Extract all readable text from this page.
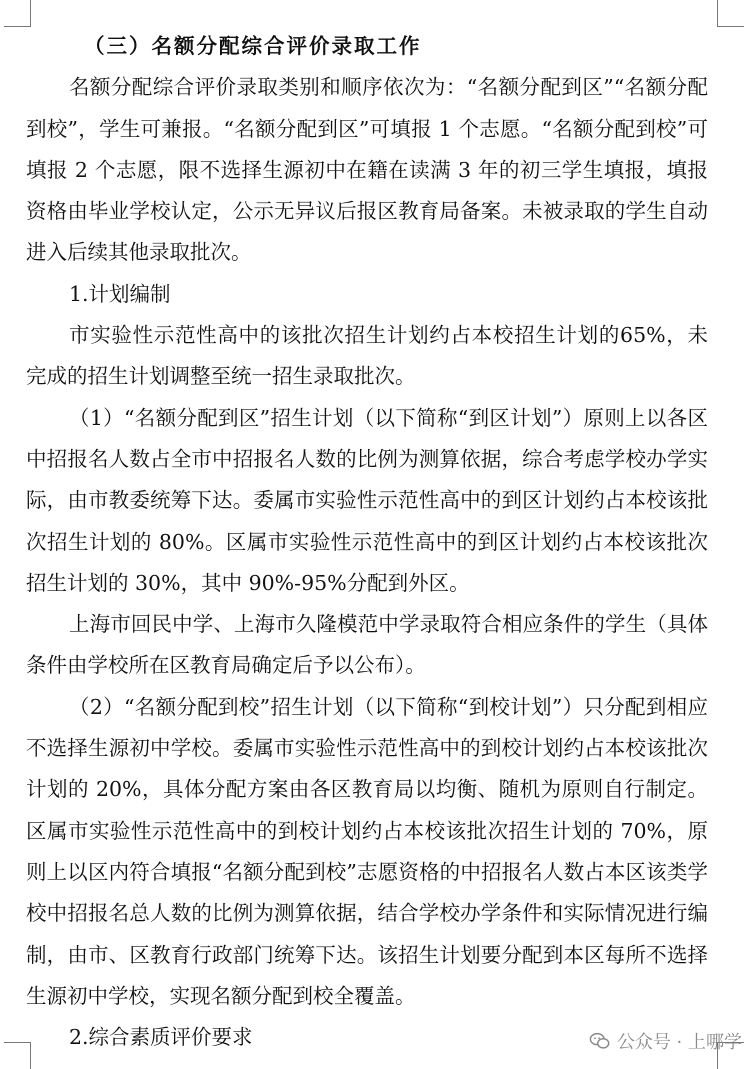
（三）名额分配综合评价录取工作

名额分配综合评价录取类别和顺序依次为：“名额分配到区”“名额分配到校”，学生可兼报。“名额分配到区”可填报 1 个志愿。“名额分配到校”可填报 2 个志愿，限不选择生源初中在籍在读满 3 年的初三学生填报，填报资格由毕业学校认定，公示无异议后报区教育局备案。未被录取的学生自动进入后续其他录取批次。

1.计划编制

市实验性示范性高中的该批次招生计划约占本校招生计划的65%，未完成的招生计划调整至统一招生录取批次。

（1）“名额分配到区”招生计划（以下简称“到区计划”）原则上以各区中招报名人数占全市中招报名人数的比例为测算依据，综合考虑学校办学实际，由市教委统筹下达。委属市实验性示范性高中的到区计划约占本校该批次招生计划的 80%。区属市实验性示范性高中的到区计划约占本校该批次招生计划的 30%，其中 90%-95%分配到外区。

上海市回民中学、上海市久隆模范中学录取符合相应条件的学生（具体条件由学校所在区教育局确定后予以公布）。

（2）“名额分配到校”招生计划（以下简称“到校计划”）只分配到相应不选择生源初中学校。委属市实验性示范性高中的到校计划约占本校该批次计划的 20%，具体分配方案由各区教育局以均衡、随机为原则自行制定。区属市实验性示范性高中的到校计划约占本校该批次招生计划的 70%，原则上以区内符合填报“名额分配到校”志愿资格的中招报名人数占本区该类学校中招报名总人数的比例为测算依据，结合学校办学条件和实际情况进行编制，由市、区教育行政部门统筹下达。该招生计划要分配到本区每所不选择生源初中学校，实现名额分配到校全覆盖。

2.综合素质评价要求	公众号 · 上哪学
